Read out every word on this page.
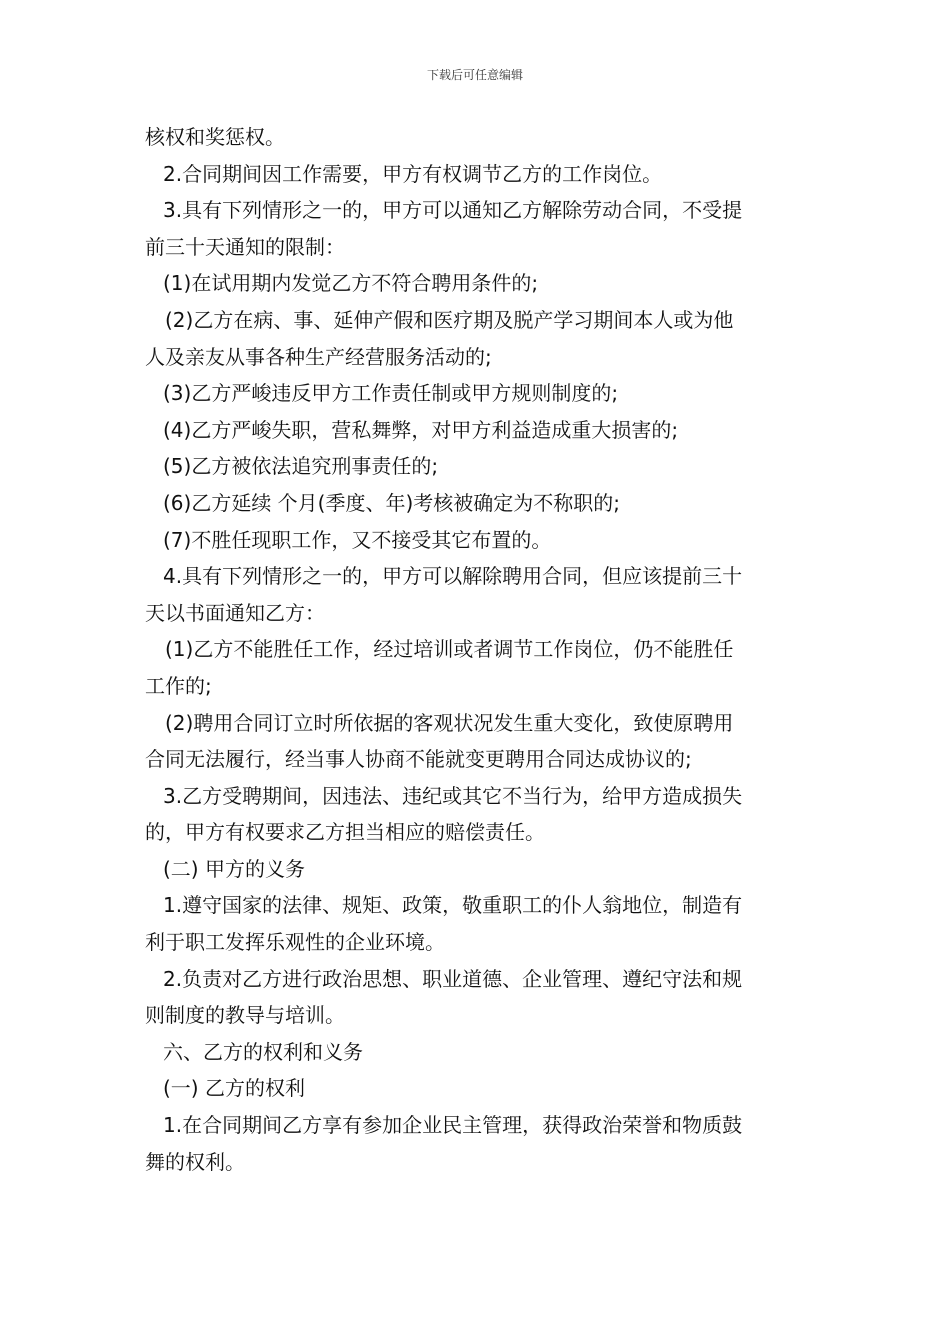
下载后可任意编辑
核权和奖惩权。
2.合同期间因工作需要，甲方有权调节乙方的工作岗位。
3.具有下列情形之一的，甲方可以通知乙方解除劳动合同，不受提
前三十天通知的限制：
(1)在试用期内发觉乙方不符合聘用条件的;
(2)乙方在病、事、延伸产假和医疗期及脱产学习期间本人或为他
人及亲友从事各种生产经营服务活动的;
(3)乙方严峻违反甲方工作责任制或甲方规则制度的;
(4)乙方严峻失职，营私舞弊，对甲方利益造成重大损害的;
(5)乙方被依法追究刑事责任的;
(6)乙方延续 个月(季度、年)考核被确定为不称职的;
(7)不胜任现职工作，又不接受其它布置的。
4.具有下列情形之一的，甲方可以解除聘用合同，但应该提前三十
天以书面通知乙方：
(1)乙方不能胜任工作，经过培训或者调节工作岗位，仍不能胜任
工作的;
(2)聘用合同订立时所依据的客观状况发生重大变化，致使原聘用
合同无法履行，经当事人协商不能就变更聘用合同达成协议的;
3.乙方受聘期间，因违法、违纪或其它不当行为，给甲方造成损失
的，甲方有权要求乙方担当相应的赔偿责任。
(二) 甲方的义务
1.遵守国家的法律、规矩、政策，敬重职工的仆人翁地位，制造有
利于职工发挥乐观性的企业环境。
2.负责对乙方进行政治思想、职业道德、企业管理、遵纪守法和规
则制度的教导与培训。
六、乙方的权利和义务
(一) 乙方的权利
1.在合同期间乙方享有参加企业民主管理，获得政治荣誉和物质鼓
舞的权利。
